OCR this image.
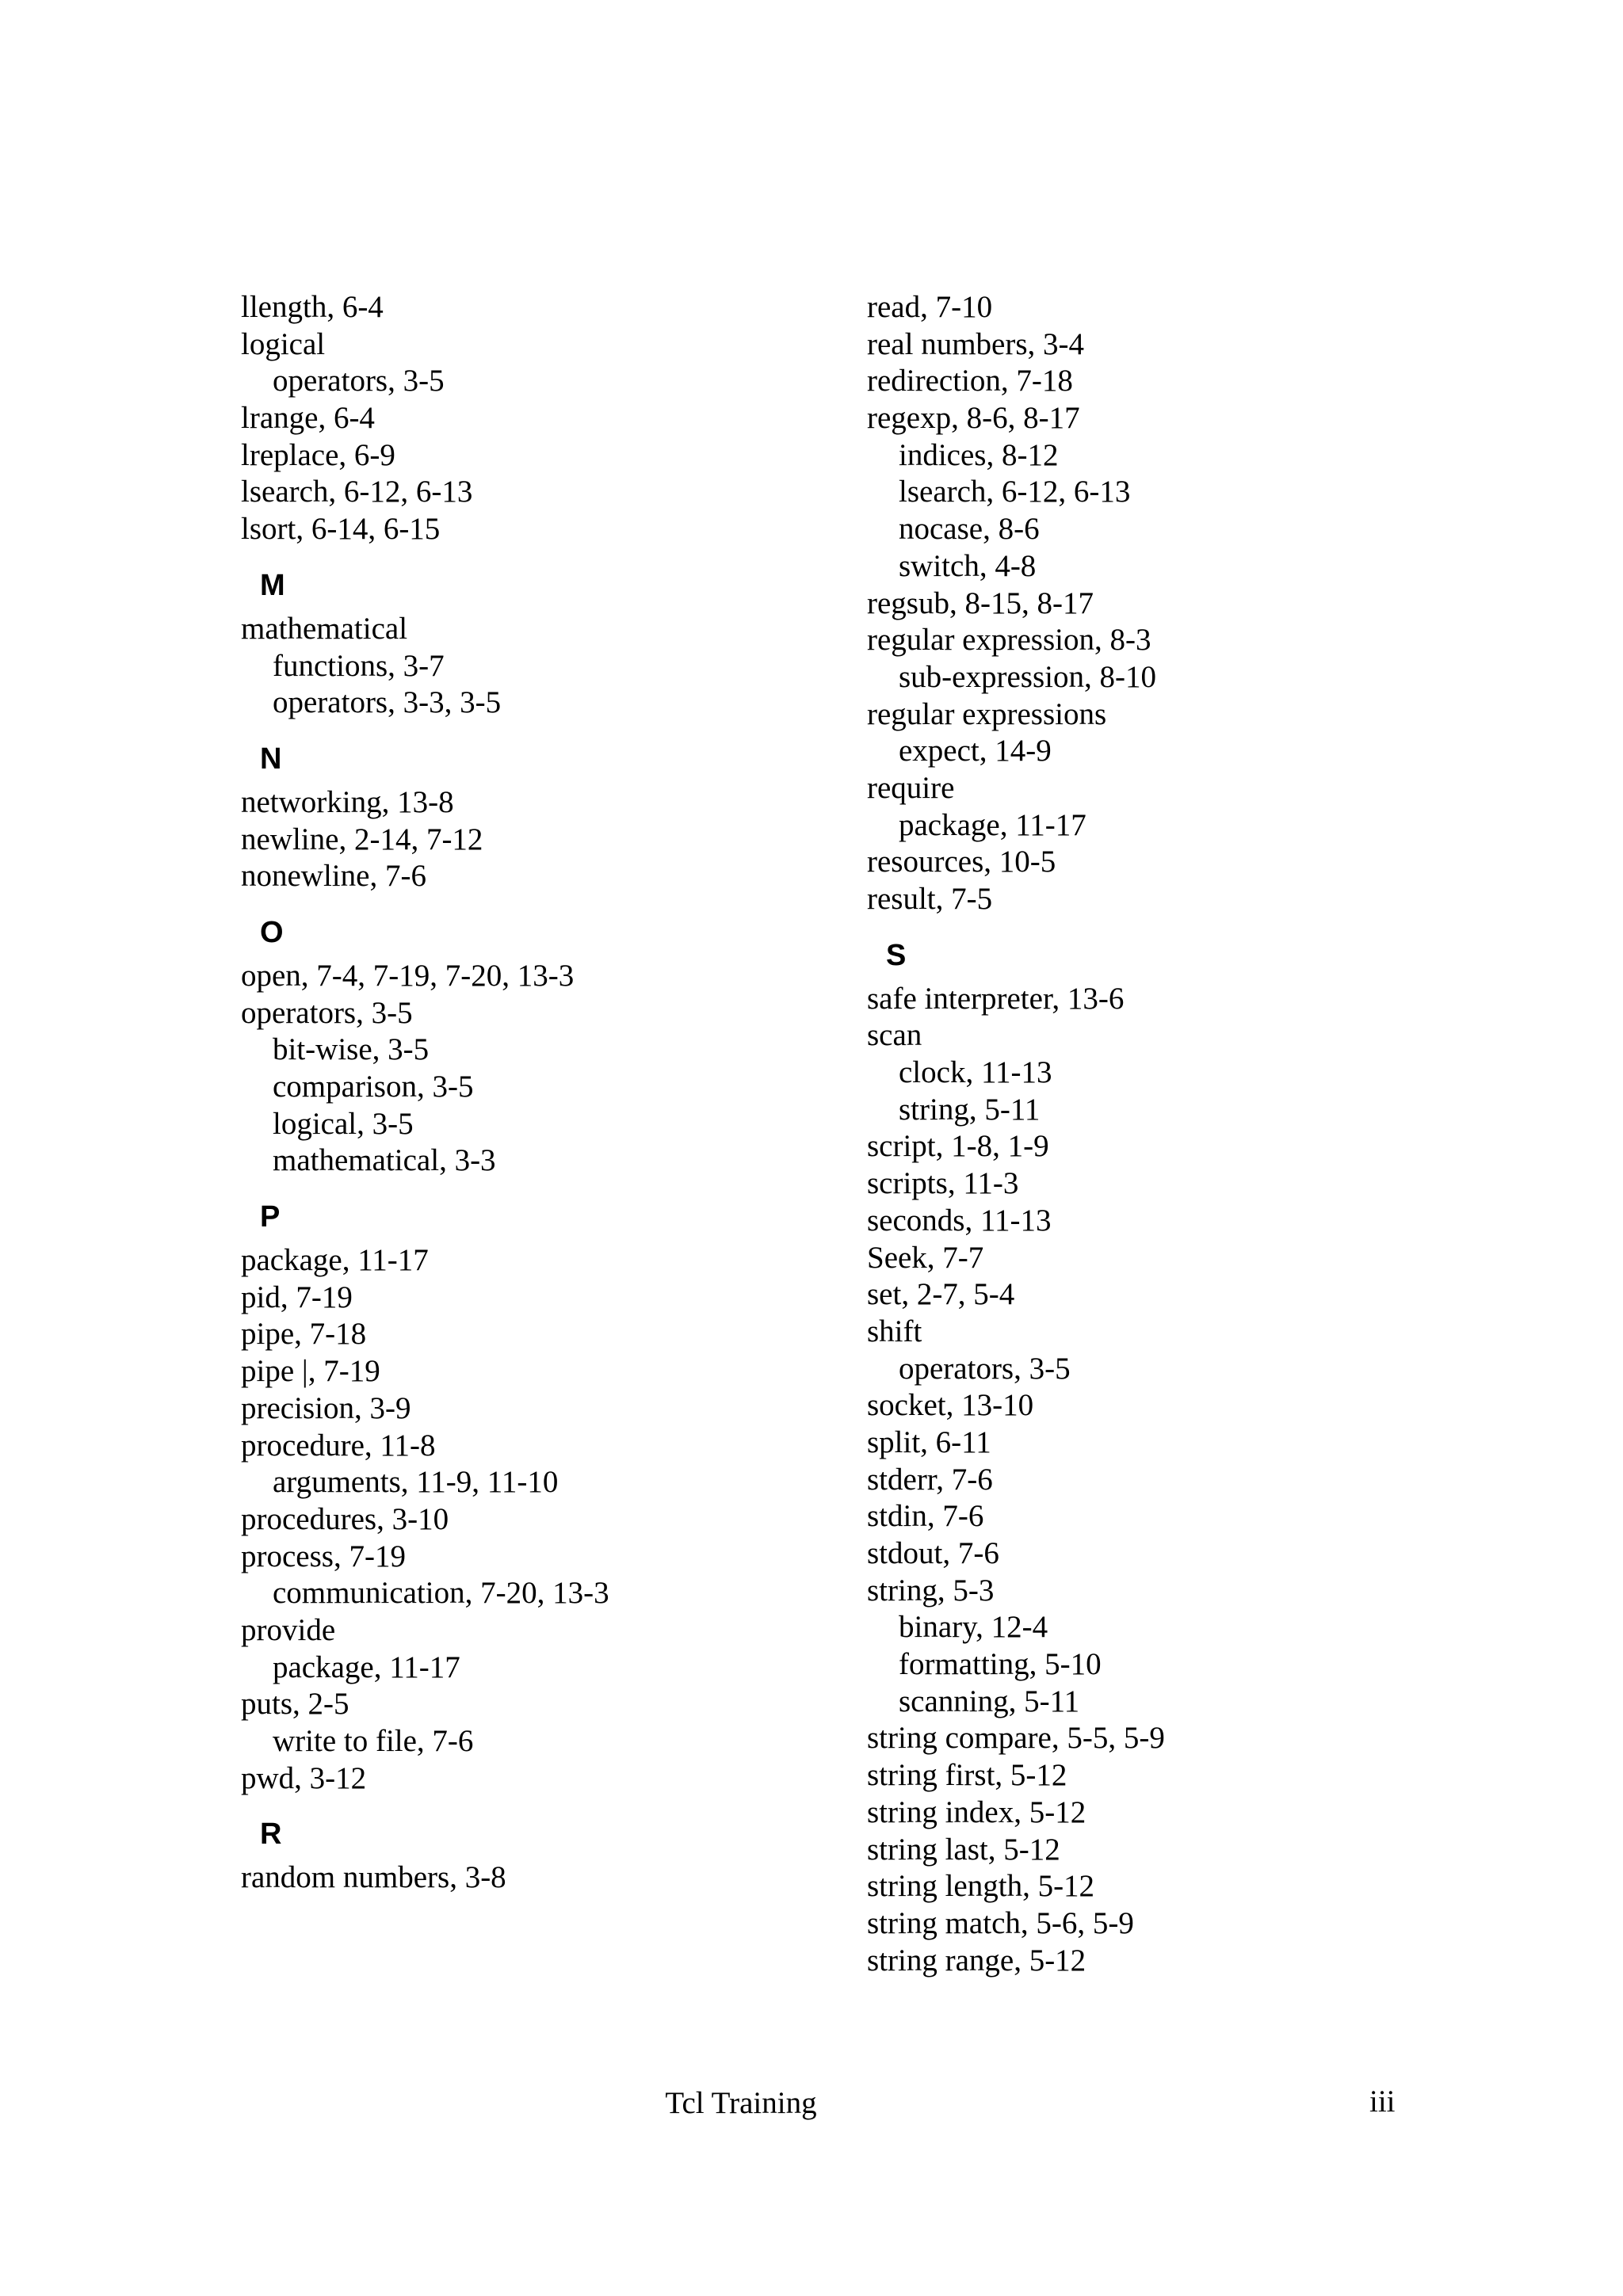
llength, 6-4
logical
operators, 3-5
lrange, 6-4
lreplace, 6-9
lsearch, 6-12, 6-13
lsort, 6-14, 6-15
M
mathematical
functions, 3-7
operators, 3-3, 3-5
N
networking, 13-8
newline, 2-14, 7-12
nonewline, 7-6
O
open, 7-4, 7-19, 7-20, 13-3
operators, 3-5
bit-wise, 3-5
comparison, 3-5
logical, 3-5
mathematical, 3-3
P
package, 11-17
pid, 7-19
pipe, 7-18
pipe |, 7-19
precision, 3-9
procedure, 11-8
arguments, 11-9, 11-10
procedures, 3-10
process, 7-19
communication, 7-20, 13-3
provide
package, 11-17
puts, 2-5
write to file, 7-6
pwd, 3-12
R
random numbers, 3-8
read, 7-10
real numbers, 3-4
redirection, 7-18
regexp, 8-6, 8-17
indices, 8-12
lsearch, 6-12, 6-13
nocase, 8-6
switch, 4-8
regsub, 8-15, 8-17
regular expression, 8-3
sub-expression, 8-10
regular expressions
expect, 14-9
require
package, 11-17
resources, 10-5
result, 7-5
S
safe interpreter, 13-6
scan
clock, 11-13
string, 5-11
script, 1-8, 1-9
scripts, 11-3
seconds, 11-13
Seek, 7-7
set, 2-7, 5-4
shift
operators, 3-5
socket, 13-10
split, 6-11
stderr, 7-6
stdin, 7-6
stdout, 7-6
string, 5-3
binary, 12-4
formatting, 5-10
scanning, 5-11
string compare, 5-5, 5-9
string first, 5-12
string index, 5-12
string last, 5-12
string length, 5-12
string match, 5-6, 5-9
string range, 5-12
Tcl Training	iii
